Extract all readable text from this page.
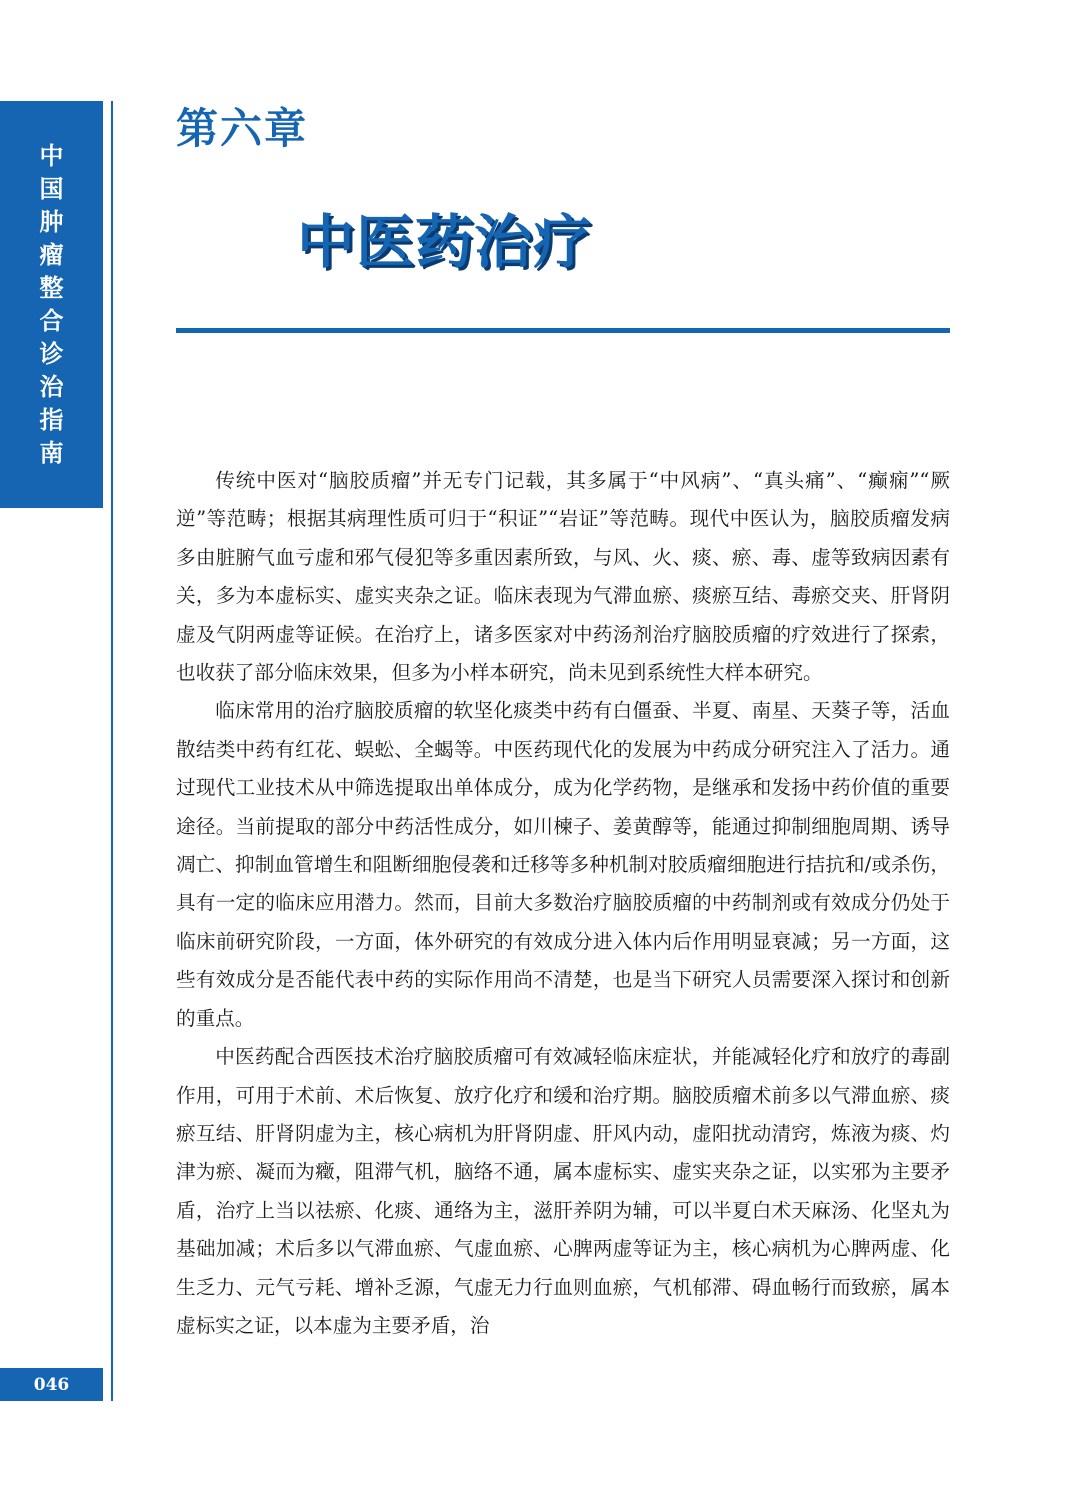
中
国
肿
瘤
整
合
诊
治
指
南
046
第六章
中医药治疗

传统中医对“脑胶质瘤”并无专门记载，其多属于“中风病”、“真头痛”、“癫痫”“厥逆”等范畴；根据其病理性质可归于“积证”“岩证”等范畴。现代中医认为，脑胶质瘤发病多由脏腑气血亏虚和邪气侵犯等多重因素所致，与风、火、痰、瘀、毒、虚等致病因素有关，多为本虚标实、虚实夹杂之证。临床表现为气滞血瘀、痰瘀互结、毒瘀交夹、肝肾阴虚及气阴两虚等证候。在治疗上，诸多医家对中药汤剂治疗脑胶质瘤的疗效进行了探索，也收获了部分临床效果，但多为小样本研究，尚未见到系统性大样本研究。

临床常用的治疗脑胶质瘤的软坚化痰类中药有白僵蚕、半夏、南星、天葵子等，活血散结类中药有红花、蜈蚣、全蝎等。中医药现代化的发展为中药成分研究注入了活力。通过现代工业技术从中筛选提取出单体成分，成为化学药物，是继承和发扬中药价值的重要途径。当前提取的部分中药活性成分，如川楝子、姜黄醇等，能通过抑制细胞周期、诱导凋亡、抑制血管增生和阻断细胞侵袭和迁移等多种机制对胶质瘤细胞进行拮抗和/或杀伤，具有一定的临床应用潜力。然而，目前大多数治疗脑胶质瘤的中药制剂或有效成分仍处于临床前研究阶段，一方面，体外研究的有效成分进入体内后作用明显衰减；另一方面，这些有效成分是否能代表中药的实际作用尚不清楚，也是当下研究人员需要深入探讨和创新的重点。

中医药配合西医技术治疗脑胶质瘤可有效减轻临床症状，并能减轻化疗和放疗的毒副作用，可用于术前、术后恢复、放疗化疗和缓和治疗期。脑胶质瘤术前多以气滞血瘀、痰瘀互结、肝肾阴虚为主，核心病机为肝肾阴虚、肝风内动，虚阳扰动清窍，炼液为痰、灼津为瘀、凝而为癥，阻滞气机，脑络不通，属本虚标实、虚实夹杂之证，以实邪为主要矛盾，治疗上当以祛瘀、化痰、通络为主，滋肝养阴为辅，可以半夏白术天麻汤、化坚丸为基础加减；术后多以气滞血瘀、气虚血瘀、心脾两虚等证为主，核心病机为心脾两虚、化生乏力、元气亏耗、增补乏源，气虚无力行血则血瘀，气机郁滞、碍血畅行而致瘀，属本虚标实之证，以本虚为主要矛盾，治
